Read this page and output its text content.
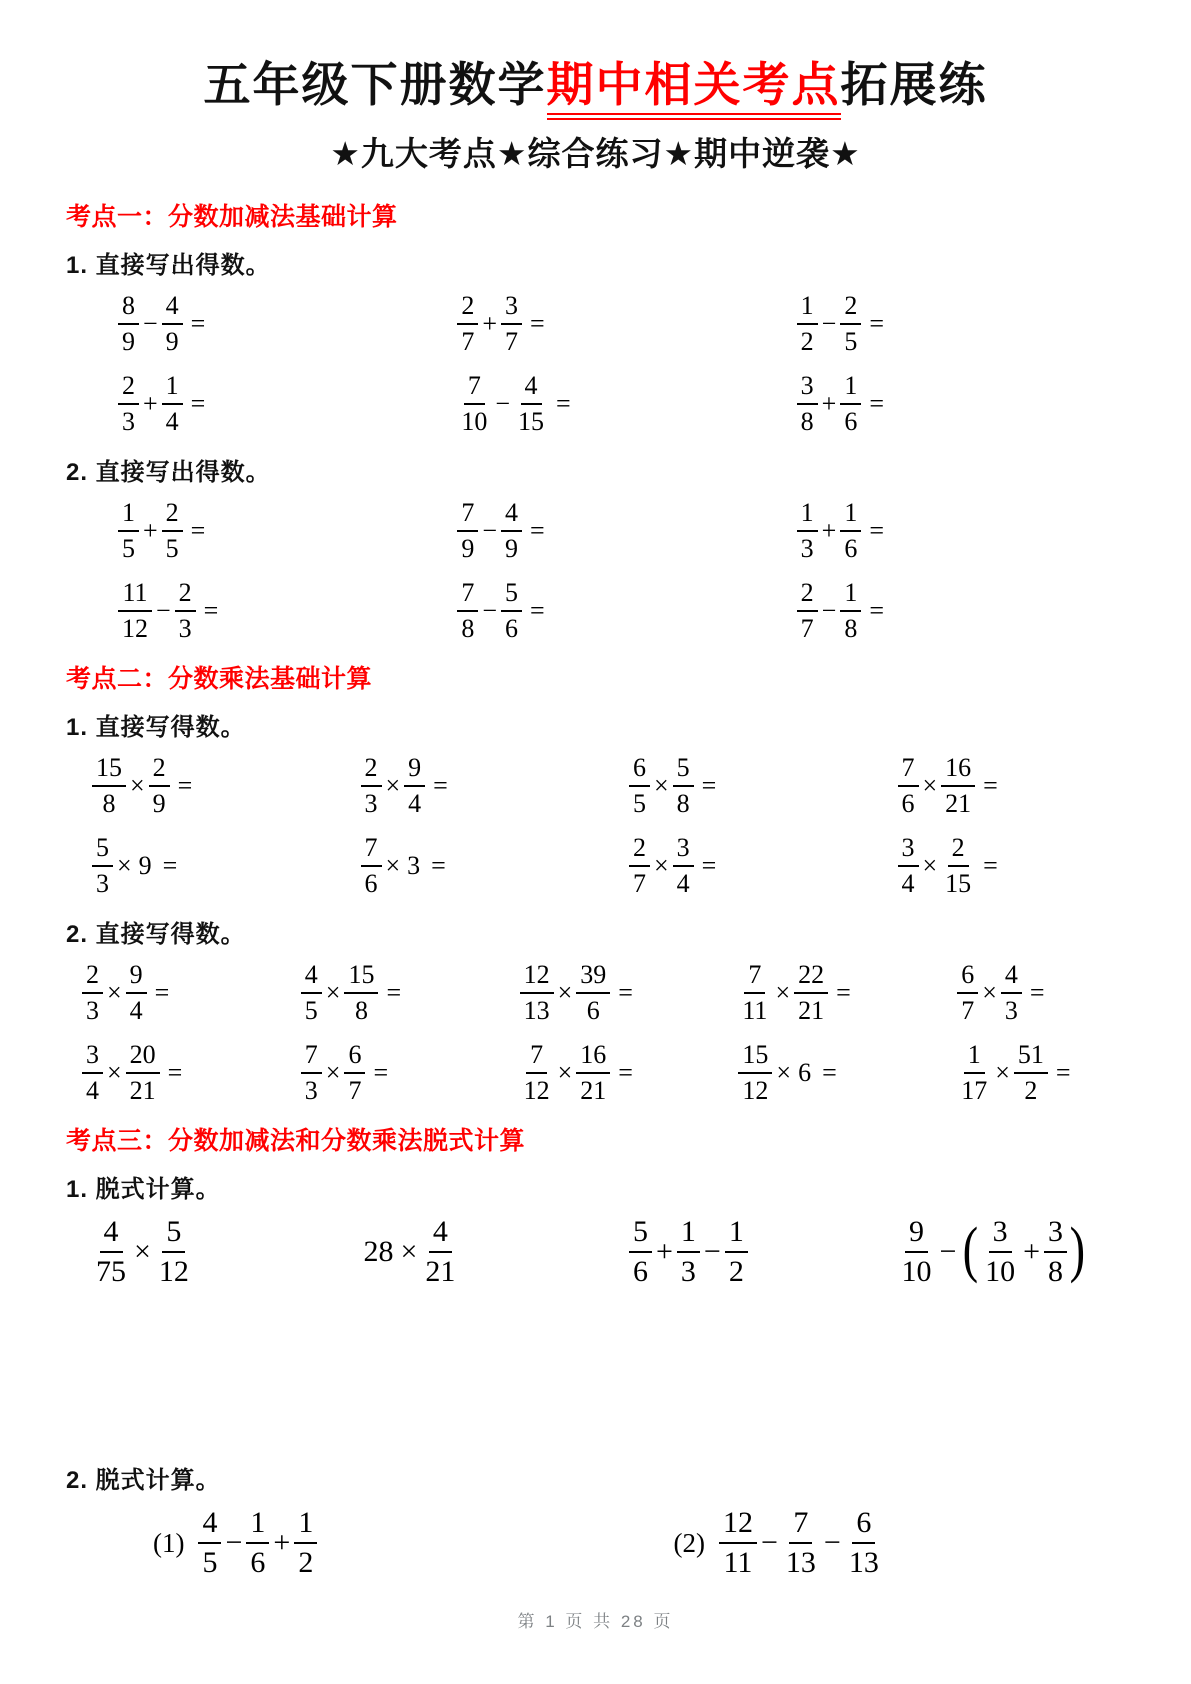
五年级下册数学期中相关考点拓展练
★九大考点★综合练习★期中逆袭★
考点一：分数加减法基础计算
1. 直接写出得数。
$\frac{8}{9} - \frac{4}{9}$ =	$\frac{2}{7} + \frac{3}{7}$ =	$\frac{1}{2} - \frac{2}{5}$ =
$\frac{2}{3} + \frac{1}{4}$ =	$\frac{7}{10} - \frac{4}{15}$ =	$\frac{3}{8} + \frac{1}{6}$ =
2. 直接写出得数。
$\frac{1}{5} + \frac{2}{5}$ =	$\frac{7}{9} - \frac{4}{9}$ =	$\frac{1}{3} + \frac{1}{6}$ =
$\frac{11}{12} - \frac{2}{3}$ =	$\frac{7}{8} - \frac{5}{6}$ =	$\frac{2}{7} - \frac{1}{8}$ =
考点二：分数乘法基础计算
1. 直接写得数。
$\frac{15}{8} \times \frac{2}{9}$ =	$\frac{2}{3} \times \frac{9}{4}$ =	$\frac{6}{5} \times \frac{5}{8}$ =	$\frac{7}{6} \times \frac{16}{21}$ =
$\frac{5}{3} \times 9$ =	$\frac{7}{6} \times 3$ =	$\frac{2}{7} \times \frac{3}{4}$ =	$\frac{3}{4} \times \frac{2}{15}$ =
2. 直接写得数。
$\frac{2}{3} \times \frac{9}{4}$ =	$\frac{4}{5} \times \frac{15}{8}$ =	$\frac{12}{13} \times \frac{39}{6}$ =	$\frac{7}{11} \times \frac{22}{21}$ =	$\frac{6}{7} \times \frac{4}{3}$ =
$\frac{3}{4} \times \frac{20}{21}$ =	$\frac{7}{3} \times \frac{6}{7}$ =	$\frac{7}{12} \times \frac{16}{21}$ =	$\frac{15}{12} \times 6$ =	$\frac{1}{17} \times \frac{51}{2}$ =
考点三：分数加减法和分数乘法脱式计算
1. 脱式计算。
$\frac{4}{75} \times \frac{5}{12}$	$28 \times \frac{4}{21}$	$\frac{5}{6} + \frac{1}{3} - \frac{1}{2}$	$\frac{9}{10}$ − ( $\frac{3}{10} + \frac{3}{8}$ )
2. 脱式计算。
$(1) \frac{4}{5} - \frac{1}{6} + \frac{1}{2}$	$(2) \frac{12}{11} - \frac{7}{13} - \frac{6}{13}$
第 1 页 共 28 页
